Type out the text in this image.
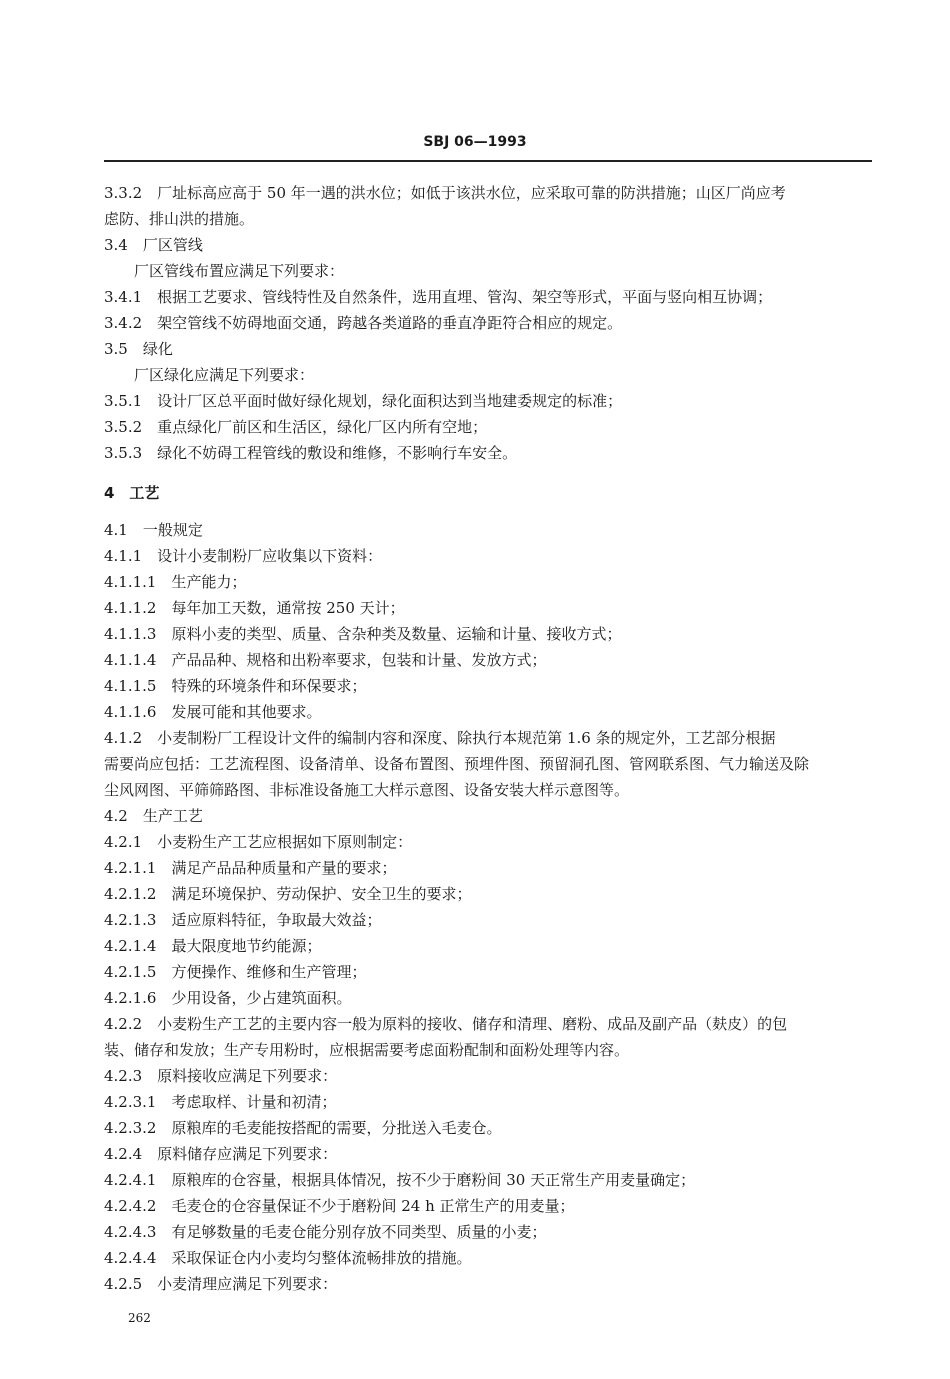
SBJ 06—1993
3.3.2　厂址标高应高于 50 年一遇的洪水位；如低于该洪水位，应采取可靠的防洪措施；山区厂尚应考
虑防、排山洪的措施。
3.4　厂区管线
厂区管线布置应满足下列要求：
3.4.1　根据工艺要求、管线特性及自然条件，选用直埋、管沟、架空等形式，平面与竖向相互协调；
3.4.2　架空管线不妨碍地面交通，跨越各类道路的垂直净距符合相应的规定。
3.5　绿化
厂区绿化应满足下列要求：
3.5.1　设计厂区总平面时做好绿化规划，绿化面积达到当地建委规定的标准；
3.5.2　重点绿化厂前区和生活区，绿化厂区内所有空地；
3.5.3　绿化不妨碍工程管线的敷设和维修，不影响行车安全。
4　工艺
4.1　一般规定
4.1.1　设计小麦制粉厂应收集以下资料：
4.1.1.1　生产能力；
4.1.1.2　每年加工天数，通常按 250 天计；
4.1.1.3　原料小麦的类型、质量、含杂种类及数量、运输和计量、接收方式；
4.1.1.4　产品品种、规格和出粉率要求，包装和计量、发放方式；
4.1.1.5　特殊的环境条件和环保要求；
4.1.1.6　发展可能和其他要求。
4.1.2　小麦制粉厂工程设计文件的编制内容和深度、除执行本规范第 1.6 条的规定外，工艺部分根据
需要尚应包括：工艺流程图、设备清单、设备布置图、预埋件图、预留洞孔图、管网联系图、气力输送及除
尘风网图、平筛筛路图、非标准设备施工大样示意图、设备安装大样示意图等。
4.2　生产工艺
4.2.1　小麦粉生产工艺应根据如下原则制定：
4.2.1.1　满足产品品种质量和产量的要求；
4.2.1.2　满足环境保护、劳动保护、安全卫生的要求；
4.2.1.3　适应原料特征，争取最大效益；
4.2.1.4　最大限度地节约能源；
4.2.1.5　方便操作、维修和生产管理；
4.2.1.6　少用设备，少占建筑面积。
4.2.2　小麦粉生产工艺的主要内容一般为原料的接收、储存和清理、磨粉、成品及副产品（麸皮）的包
装、储存和发放；生产专用粉时，应根据需要考虑面粉配制和面粉处理等内容。
4.2.3　原料接收应满足下列要求：
4.2.3.1　考虑取样、计量和初清；
4.2.3.2　原粮库的毛麦能按搭配的需要，分批送入毛麦仓。
4.2.4　原料储存应满足下列要求：
4.2.4.1　原粮库的仓容量，根据具体情况，按不少于磨粉间 30 天正常生产用麦量确定；
4.2.4.2　毛麦仓的仓容量保证不少于磨粉间 24 h 正常生产的用麦量；
4.2.4.3　有足够数量的毛麦仓能分别存放不同类型、质量的小麦；
4.2.4.4　采取保证仓内小麦均匀整体流畅排放的措施。
4.2.5　小麦清理应满足下列要求：
262
